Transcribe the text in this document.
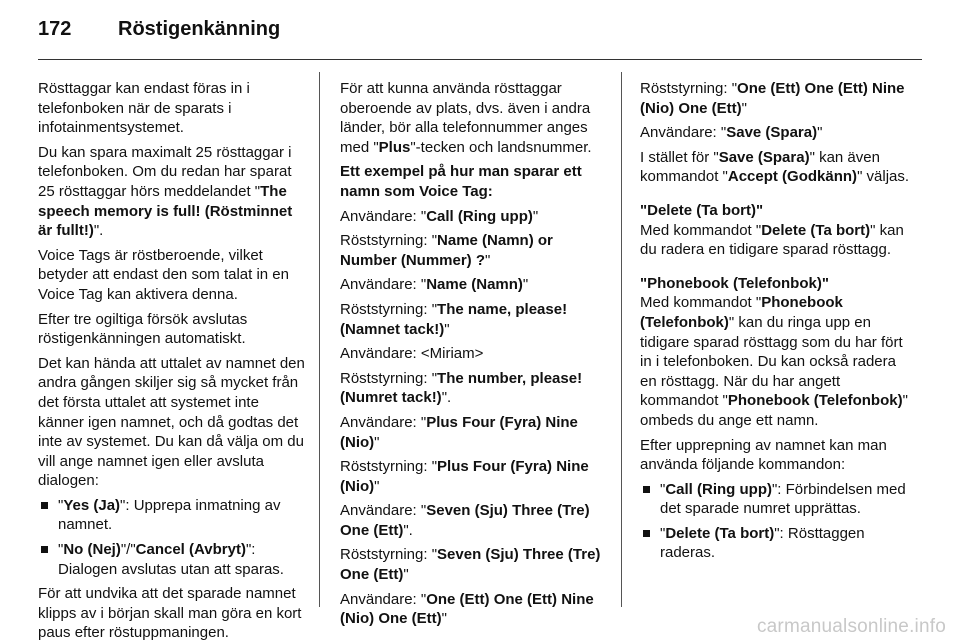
172	Röstigenkänning

Rösttaggar kan endast föras in i telefonboken när de sparats i infotainmentsystemet.

Du kan spara maximalt 25 rösttaggar i telefonboken. Om du redan har sparat 25 rösttaggar hörs meddelandet "The speech memory is full! (Röstminnet är fullt!)".

Voice Tags är röstberoende, vilket betyder att endast den som talat in en Voice Tag kan aktivera denna.

Efter tre ogiltiga försök avslutas röstigenkänningen automatiskt.

Det kan hända att uttalet av namnet den andra gången skiljer sig så mycket från det första uttalet att systemet inte känner igen namnet, och då godtas det inte av systemet. Du kan då välja om du vill ange namnet igen eller avsluta dialogen:

"Yes (Ja)": Upprepa inmatning av namnet.
"No (Nej)"/"Cancel (Avbryt)": Dialogen avslutas utan att sparas.

För att undvika att det sparade namnet klipps av i början skall man göra en kort paus efter röstuppmaningen.

För att kunna använda rösttaggar oberoende av plats, dvs. även i andra länder, bör alla telefonnummer anges med "Plus"-tecken och landsnummer.

Ett exempel på hur man sparar ett namn som Voice Tag:

Användare: "Call (Ring upp)"

Röststyrning: "Name (Namn) or Number (Nummer) ?"

Användare: "Name (Namn)"

Röststyrning: "The name, please! (Namnet tack!)"

Användare: <Miriam>

Röststyrning: "The number, please! (Numret tack!)".

Användare: "Plus Four (Fyra) Nine (Nio)"

Röststyrning: "Plus Four (Fyra) Nine (Nio)"

Användare: "Seven (Sju) Three (Tre) One (Ett)".

Röststyrning: "Seven (Sju) Three (Tre) One (Ett)"

Användare: "One (Ett) One (Ett) Nine (Nio) One (Ett)"

Röststyrning: "One (Ett) One (Ett) Nine (Nio) One (Ett)"

Användare: "Save (Spara)"

I stället för "Save (Spara)" kan även kommandot "Accept (Godkänn)" väljas.

"Delete (Ta bort)"

Med kommandot "Delete (Ta bort)" kan du radera en tidigare sparad rösttagg.

"Phonebook (Telefonbok)"

Med kommandot "Phonebook (Telefonbok)" kan du ringa upp en tidigare sparad rösttagg som du har fört in i telefonboken. Du kan också radera en rösttagg. När du har angett kommandot "Phonebook (Telefonbok)" ombeds du ange ett namn.

Efter upprepning av namnet kan man använda följande kommandon:

"Call (Ring upp)": Förbindelsen med det sparade numret upprättas.
"Delete (Ta bort)": Rösttaggen raderas.
carmanualsonline.info
